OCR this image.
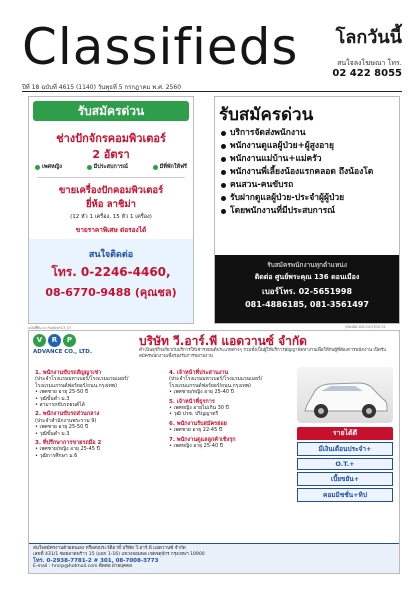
Classifieds โลกวันนี้
สนใจลงโฆษณา โทร.
02 422 8055
ปีที่ 18 ฉบับที่ 4615 (1140) วันพุธที่ 5 กรกฎาคม พ.ศ. 2560
รับสมัครด่วน
ช่างปักจักรคอมพิวเตอร์
2 อัตรา
เพศหญิง	มีประสบการณ์	มีที่พักให้ฟรี
ขายเครื่องปักคอมพิวเตอร์
ยี่ห้อ ลาชิม่า
(12 หัว 1 เครื่อง, 15 หัว 1 เครื่อง)
ขายราคาพิเศษ ต่อรองได้
สนใจติดต่อ
โทร. 0-2246-4460,
08-6770-9488 (คุณชล)
ฉบับที่ยีน-ก=รับสมัคร13_07
รับสมัครด่วน
บริการจัดส่งพนักงาน
พนักงานดูแลผู้ป่วย+ผู้สูงอายุ
พนักงานแม่บ้าน+แม่ครัว
พนักงานพี่เลี้ยงน้องแรกคลอด ถึงน้องโต
คนสวน-คนขับรถ
รับฝากดูแลผู้ป่วย-ประจำผู้ผู้ป่วย
โดยพนักงานที่มีประสบการณ์
รับสมัครพนักงานทุกตำแหน่ง
ติดต่อ ศูนย์พระคุณ 136 ดอนเมือง
เบอร์โทร. 02-5651998
081-4886185, 081-3561497
(88488-DM-20/1510 01
V	R	P
ADVANCE CO., LTD.
บริษัท วี.อาร์.พี แอดวานซ์ จำกัด
ดำเนินธุรกิจเกี่ยวกับบริการให้เช่ารถยนต์ประเภทต่างๆ รวมทั้งเป็นผู้ให้บริการสัญญาจัดหางานเพื่อให้กับผู้ที่ต้องการพนักงาน เปิดรับสมัครพนักงานเพื่อรองรับการขยายงาน
1. พนักงานขับรถสัญญาเช่า
(ประจำโรงแรมมหาเบอร์/โรงแรมแรมเมยร์/
โรงแรมแกรนด์ฟอร์ยอร์/ถนน.กรุงเทพ)
• เพศชาย อายุ 25-50 ปี
• วุฒิขั้นต่ำ ม.3
• สามารถขับรถยนต์ได้
2. พนักงานขับรถส่วนกลาง
(ประจำสำนักงานพระราม 9)
• เพศชาย อายุ 25-50 ปี
• วุฒิขั้นต่ำ ม.3
3. ที่ปรึกษาการขายรถมือ 2
• เพศชาย/หญิง อายุ 25-45 ปี
• วุฒิการศึกษา ม.6
4. เจ้าหน้าที่ประสานงาน
(ประจำโรงแรมมหาเบอร์/โรงแรมแรมเมยร์/
โรงแรมแกรนด์ฟอร์ยอร์/ถนน.กรุงเทพ)
• เพศชาย/หญิง อายุ 25-40 ปี
5. เจ้าหน้าที่ธุรการ
• เพศหญิง อายุไม่เกิน 30 ปี
• วุฒิ ปวช. ปริญญาตรี
6. พนักงานรับสมัครย่อย
• เพศชาย อายุ 22-45 ปี
7. พนักงานดูแลลูกค้าเชิงรุก
• เพศหญิง อายุ 25-40 ปี
รายได้ดี
มีเงินเดือนประจำ+
O.T.+
เบี้ยขยัน+
คอมมิชชั่น+ทิป
สนใจสมัครงานด้วยตนเอง หรือส่งประวัติมาที่ บริษัท วี.อาร์.พี แอดวานซ์ จำกัด
เลขที่ 431/1 ซอยลาดพร้าว 15 (แยก 1-16) แขวงจอมพล เขตจตุจักร กรุงเทพฯ 10900
โทร. 0-2938-7781-2 # 301, 08-7008-3773
E-mail : hrvrp@hotmail.com ติดต่อ ฝ่ายบุคคล
